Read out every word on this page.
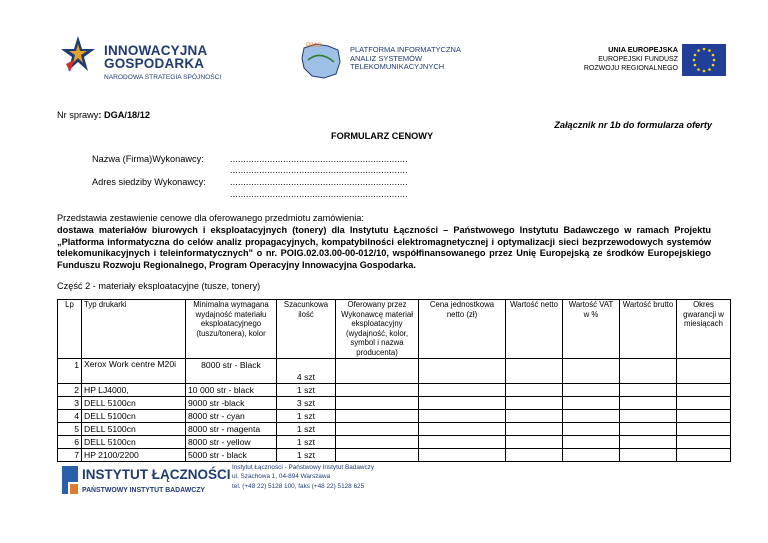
INNOWACYJNA
GOSPODARKA
NARODOWA STRATEGIA SPÓJNOŚCI
PIIAS	PLATFORMA INFORMATYCZNA
ANALIZ SYSTEMÓW
TELEKOMUNIKACYJNYCH
UNIA EUROPEJSKA
EUROPEJSKI FUNDUSZ
ROZWOJU REGIONALNEGO
Nr sprawy: DGA/18/12
Załącznik nr 1b do formularza oferty
FORMULARZ CENOWY
Nazwa (Firma)Wykonawcy:	...................................................................
...................................................................
Adres siedziby Wykonawcy:	...................................................................
...................................................................
Przedstawia zestawienie cenowe dla oferowanego przedmiotu zamówienia:
dostawa materiałów biurowych i eksploatacyjnych (tonery) dla Instytutu Łączności – Państwowego Instytutu Badawczego w ramach Projektu „Platforma informatyczna do celów analiz propagacyjnych, kompatybilności elektromagnetycznej i optymalizacji sieci bezprzewodowych systemów telekomunikacyjnych i teleinformatycznych" o nr. POIG.02.03.00-00-012/10, współfinansowanego przez Unię Europejską ze środków Europejskiego Funduszu Rozwoju Regionalnego, Program Operacyjny Innowacyjna Gospodarka.
Część 2 - materiały eksploatacyjne (tusze, tonery)
Lp	Typ drukarki	Minimalna wymagana wydajność materiału eksploatacyjnego (tuszu/tonera), kolor	Szacunkowa ilość	Oferowany przez Wykonawcę materiał eksploatacyjny (wydajność, kolor, symbol i nazwa producenta)	Cena jednostkowa netto (zł)	Wartość netto	Wartość VAT w %	Wartość brutto	Okres gwarancji w miesiącach
1	Xerox Work centre M20i	8000 str - Black	4 szt						
2	HP LJ4000,	10 000 str - black	1 szt						
3	DELL 5100cn	9000 str -black	3 szt						
4	DELL 5100cn	8000 str - cyan	1 szt						
5	DELL 5100cn	8000 str - magenta	1 szt						
6	DELL 5100cn	8000 str - yellow	1 szt						
7	HP 2100/2200	5000 str - black	1 szt						
INSTYTUT ŁĄCZNOŚCI
PAŃSTWOWY INSTYTUT BADAWCZY
Instytut Łączności - Państwowy Instytut Badawczy
ul. Szachowa 1, 04-894 Warszawa
tel. (+48 22) 5128 100, faks (+48 22) 5128 625
